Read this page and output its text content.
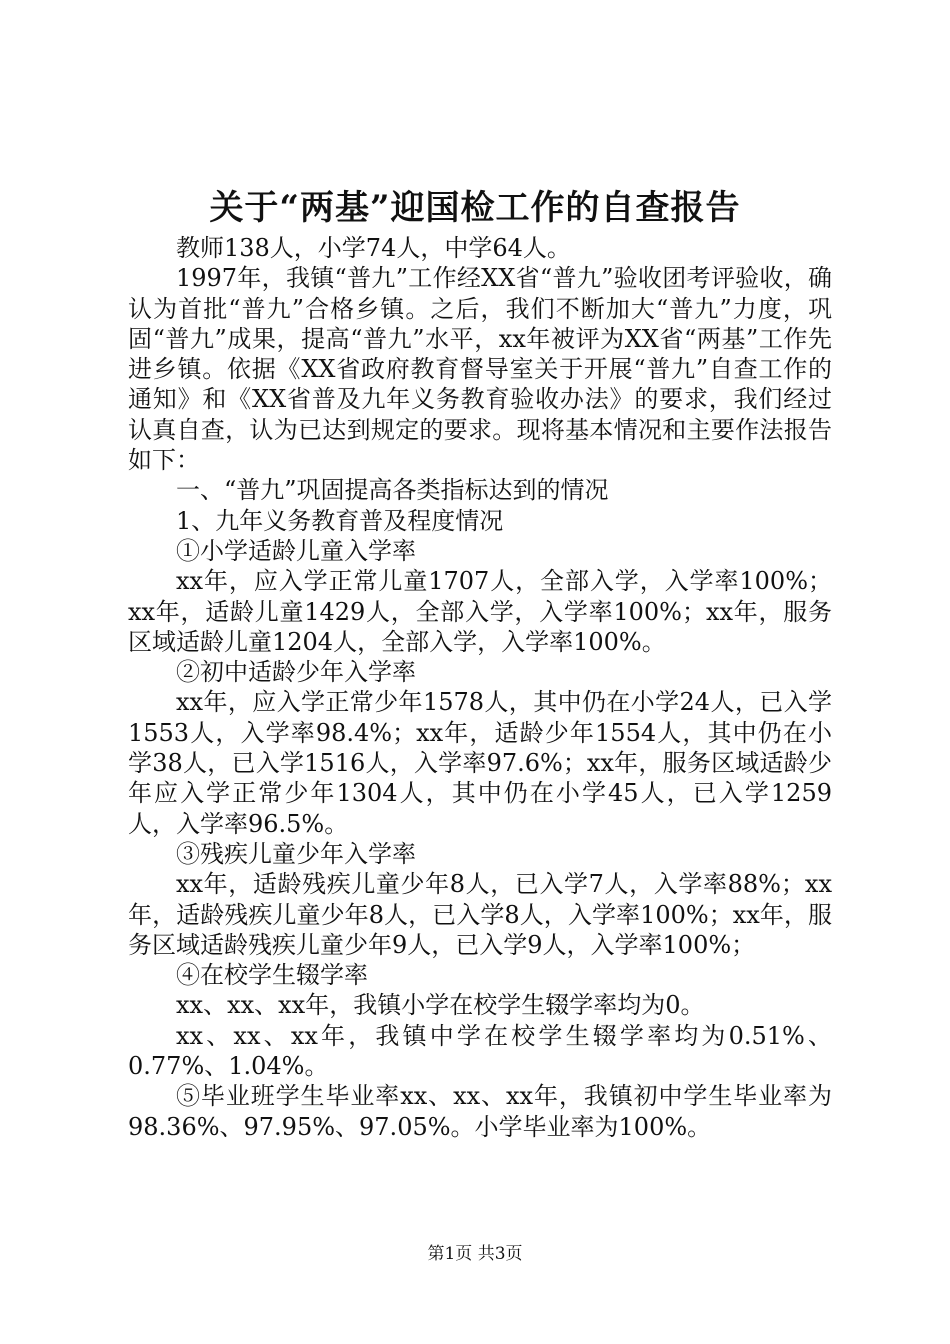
关于“两基”迎国检工作的自查报告

教师138人，小学74人，中学64人。

1997年，我镇“普九”工作经XX省“普九”验收团考评验收，确认为首批“普九”合格乡镇。之后，我们不断加大“普九”力度，巩固“普九”成果，提高“普九”水平，xx年被评为XX省“两基”工作先进乡镇。依据《XX省政府教育督导室关于开展“普九”自查工作的通知》和《XX省普及九年义务教育验收办法》的要求，我们经过认真自查，认为已达到规定的要求。现将基本情况和主要作法报告如下：

一、“普九”巩固提高各类指标达到的情况

1、九年义务教育普及程度情况

①小学适龄儿童入学率

xx年，应入学正常儿童1707人，全部入学，入学率100%；xx年，适龄儿童1429人，全部入学，入学率100%；xx年，服务区域适龄儿童1204人，全部入学，入学率100%。

②初中适龄少年入学率

xx年，应入学正常少年1578人，其中仍在小学24人，已入学1553人，入学率98.4%；xx年，适龄少年1554人，其中仍在小学38人，已入学1516人，入学率97.6%；xx年，服务区域适龄少年应入学正常少年1304人，其中仍在小学45人，已入学1259人，入学率96.5%。

③残疾儿童少年入学率

xx年，适龄残疾儿童少年8人，已入学7人，入学率88%；xx年，适龄残疾儿童少年8人，已入学8人，入学率100%；xx年，服务区域适龄残疾儿童少年9人，已入学9人，入学率100%；

④在校学生辍学率

xx、xx、xx年，我镇小学在校学生辍学率均为0。

xx、xx、xx年，我镇中学在校学生辍学率均为0.51%、0.77%、1.04%。

⑤毕业班学生毕业率xx、xx、xx年，我镇初中学生毕业率为98.36%、97.95%、97.05%。小学毕业率为100%。

第1页 共3页
